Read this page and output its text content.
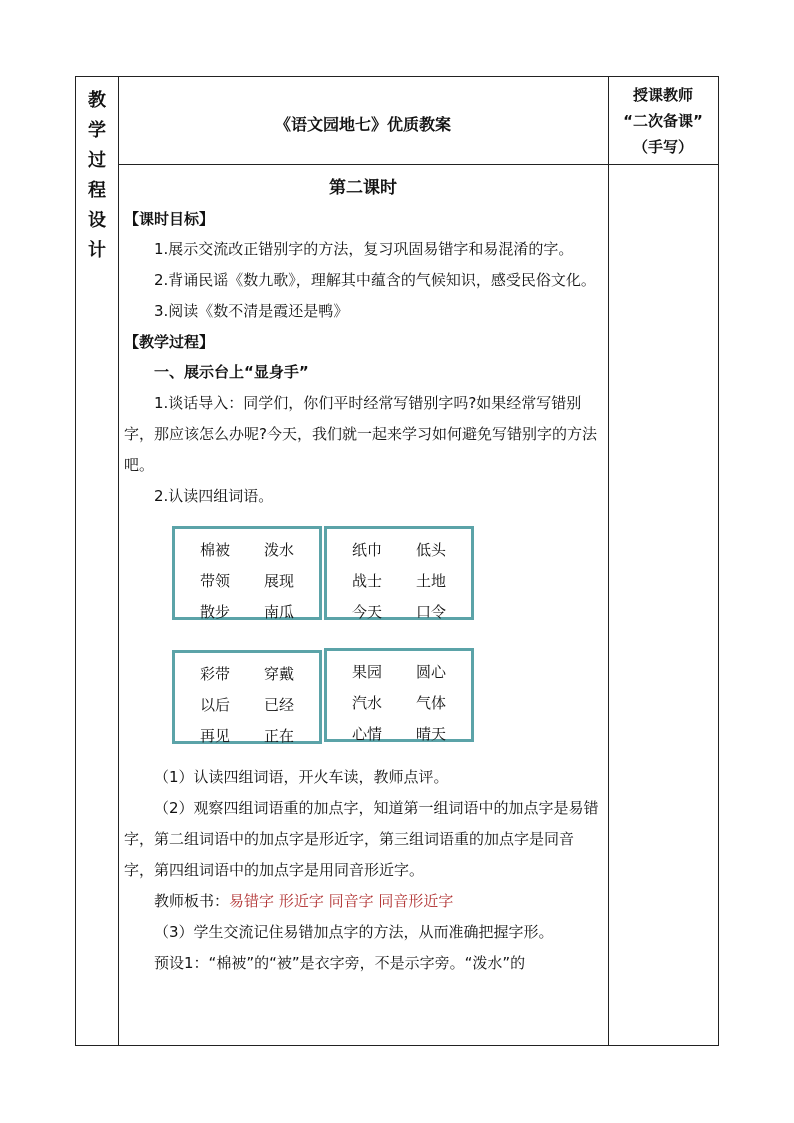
教
学
过
程
设
计
《语文园地七》优质教案
授课教师
“二次备课”
（手写）
第二课时
【课时目标】

1.展示交流改正错别字的方法，复习巩固易错字和易混淆的字。

2.背诵民谣《数九歌》，理解其中蕴含的气候知识，感受民俗文化。

3.阅读《数不清是霞还是鸭》

【教学过程】
一、展示台上“显身手”

1.谈话导入：同学们，你们平时经常写错别字吗?如果经常写错别字，那应该怎么办呢?今天，我们就一起来学习如何避免写错别字的方法吧。

2.认读四组词语。

棉被	泼水
带领	展现
散步	南瓜
纸巾	低头
战士	土地
今天	口令
彩带	穿戴
以后	已经
再见	正在
果园	圆心
汽水	气体
心情	晴天

（1）认读四组词语，开火车读，教师点评。

（2）观察四组词语重的加点字，知道第一组词语中的加点字是易错字，第二组词语中的加点字是形近字，第三组词语重的加点字是同音字，第四组词语中的加点字是用同音形近字。

教师板书：易错字 形近字 同音字 同音形近字

（3）学生交流记住易错加点字的方法，从而准确把握字形。

预设1：“棉被”的“被”是衣字旁，不是示字旁。“泼水”的
